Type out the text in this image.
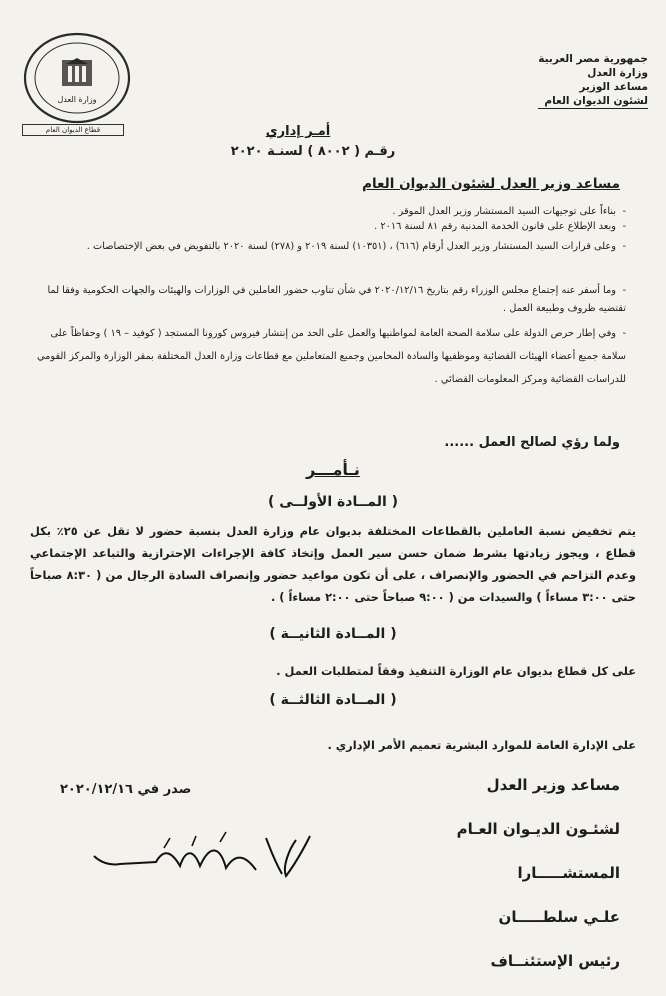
جمهورية مصر العربية
وزارة العدل
مساعد الوزير
لشئون الديوان العام
وزارة العدل
قطاع الديوان العام	أمـر إداري
رقـم ( ٨٠٠٢ ) لسنـة ٢٠٢٠
مساعد وزير العدل لشئون الديوان العام
-بناءاً على توجيهات السيد المستشار وزير العدل الموقر .
-وبعد الإطلاع على قانون الخدمة المدنية رقم ٨١ لسنة ٢٠١٦ .
-وعلى قرارات السيد المستشار وزير العدل أرقام (٦١٦) ، (١٠٣٥١) لسنة ٢٠١٩ و (٢٧٨) لسنة ٢٠٢٠ بالتفويض في بعض الإختصاصات .
-وما أسفر عنه إجتماع مجلس الوزراء رقم بتاريخ ٢٠٢٠/١٢/١٦ في شأن تناوب حضور العاملين في الوزارات والهيئات والجهات الحكومية وفقا لما تقتضيه ظروف وطبيعة العمل .
-وفي إطار حرص الدولة على سلامة الصحة العامة لمواطنيها والعمل على الحد من إنتشار فيروس كورونا المستجد ( كوفيد – ١٩ ) وحفاظاً على سلامة جميع أعضاء الهيئات القضائية وموظفيها والسادة المحامين وجميع المتعاملين مع قطاعات وزارة العدل المختلفة بمقر الوزارة والمركز القومي للدراسات القضائية ومركز المعلومات القضائي .
ولما رؤي لصالح العمل ......
نـأمـــر
( المــادة الأولــى )
يتم تخفيض نسبة العاملين بالقطاعات المختلفة بديوان عام وزارة العدل بنسبة حضور لا تقل عن ٢٥٪ بكل قطاع ، ويجوز زيادتها بشرط ضمان حسن سير العمل وإتخاذ كافة الإجراءات الإحترازية والتباعد الإجتماعي وعدم التزاحم في الحضور والإنصراف ، على أن تكون مواعيد حضور وإنصراف السادة الرجال من ( ٨:٣٠ صباحاً حتى ٣:٠٠ مساءاً ) والسيدات من ( ٩:٠٠ صباحاً حتى ٢:٠٠ مساءاً ) .
( المــادة الثانيــة )
على كل قطاع بديوان عام الوزارة التنفيذ وفقاً لمتطلبات العمل .
( المــادة الثالثــة )
على الإدارة العامة للموارد البشرية تعميم الأمر الإداري .
صدر في ٢٠٢٠/١٢/١٦	مساعد وزير العدل
لشئـون الديـوان العـام
المستشـــــارا
علـي سلطـــــان
رئيس الإستئنــاف
